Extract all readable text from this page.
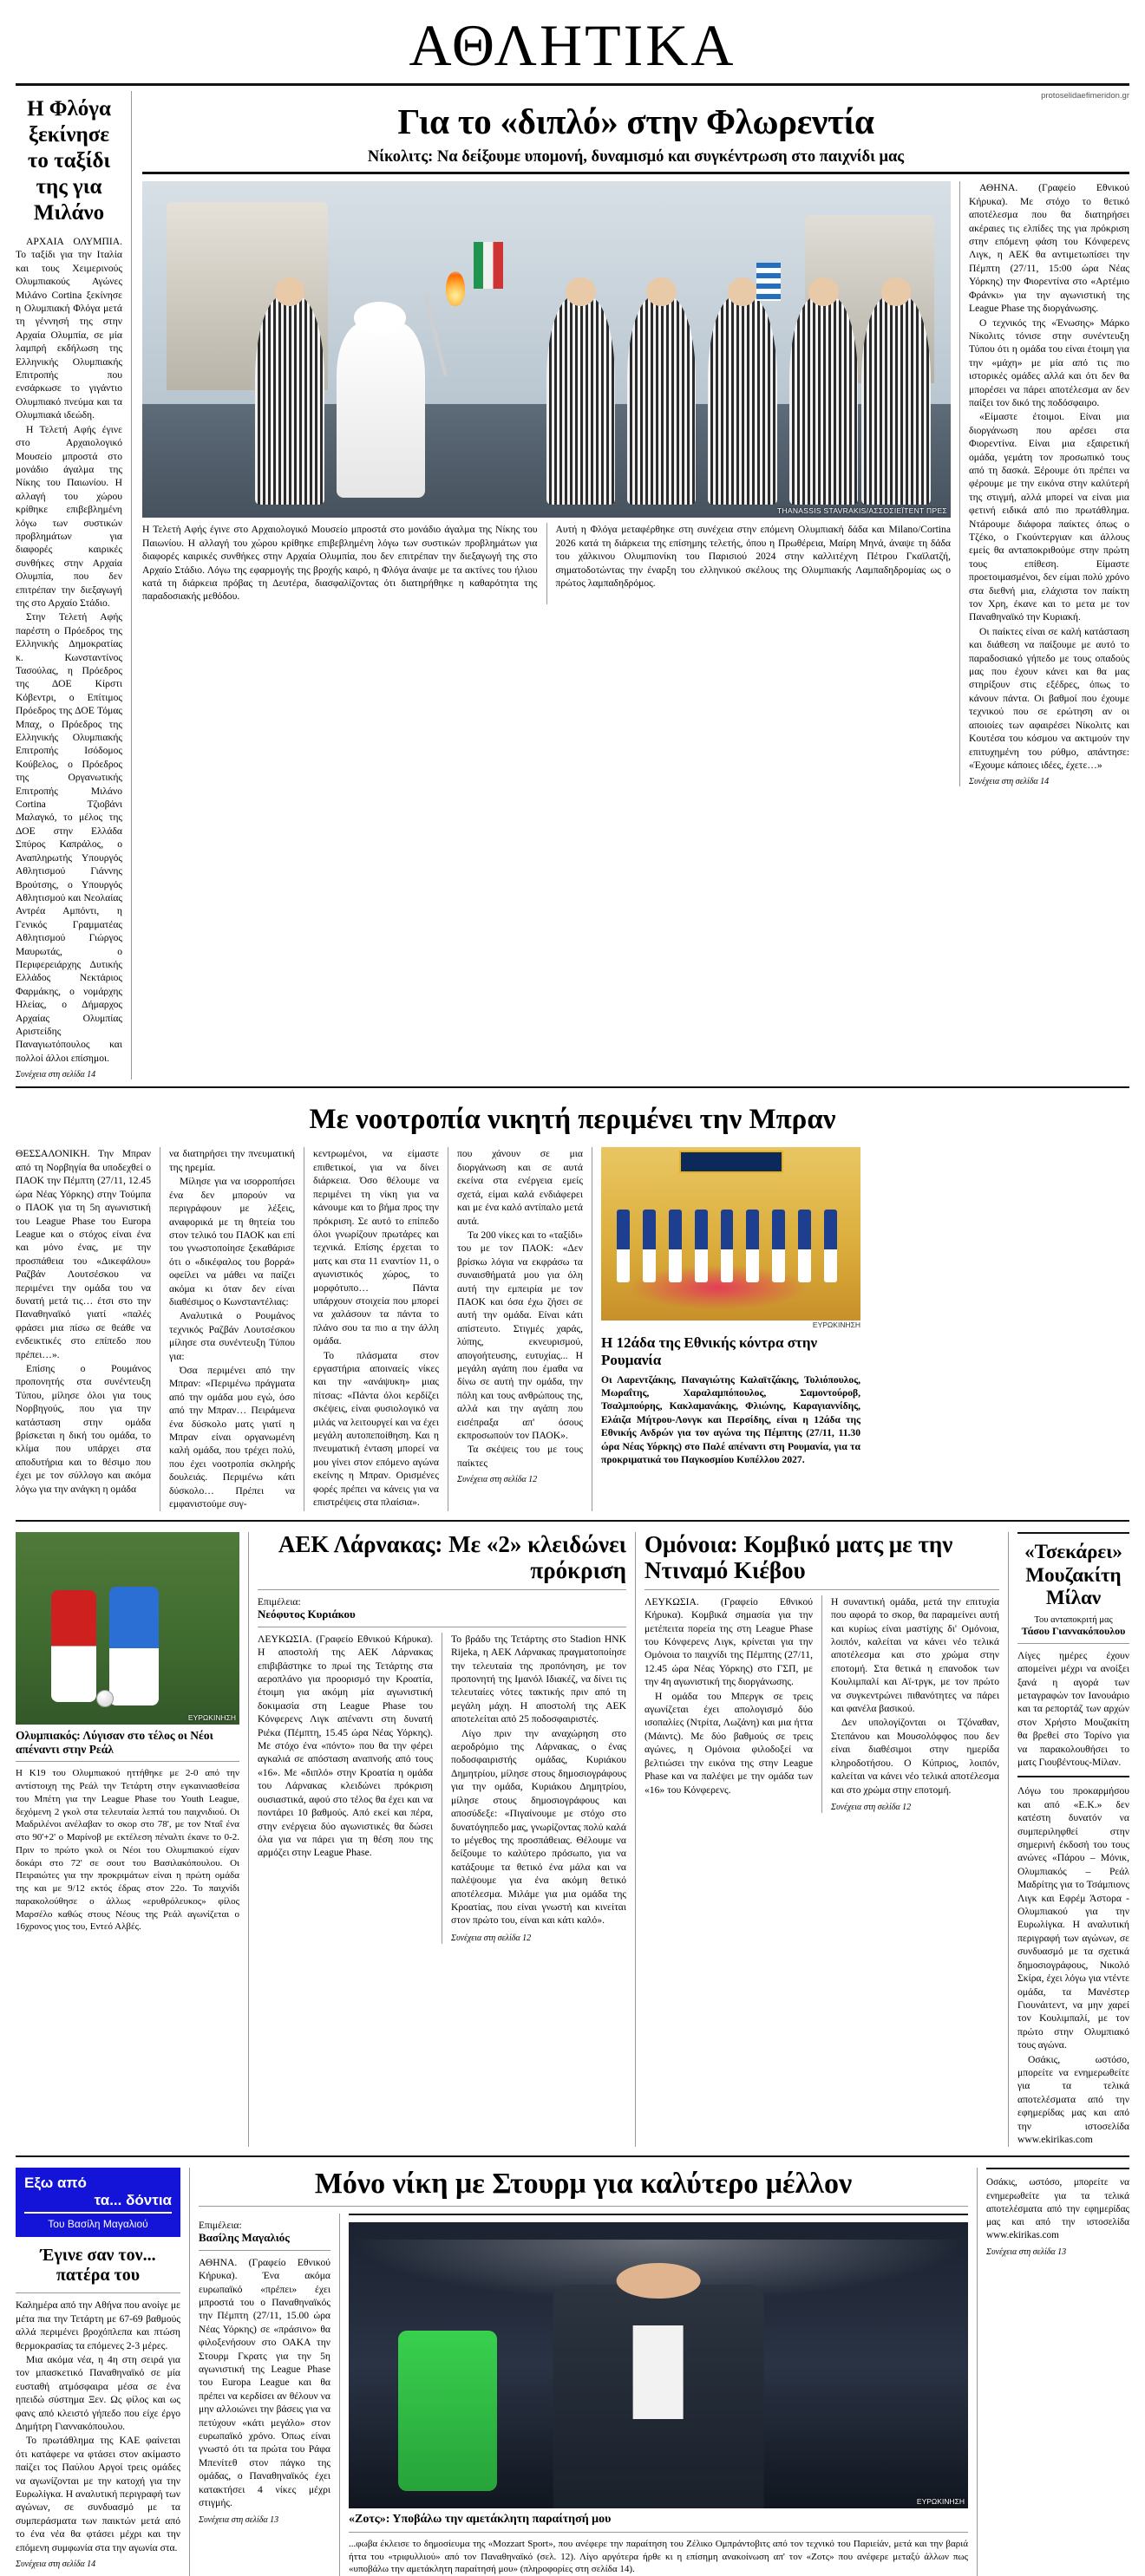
ΑΘΛΗΤΙΚΑ
Η Φλόγα ξεκίνησε το ταξίδι της για Μιλάνο

ΑΡΧΑΙΑ ΟΛΥΜΠΙΑ. Το ταξίδι για την Ιταλία και τους Χειμερινούς Ολυμπιακούς Αγώνες Μιλάνο Cortina ξεκίνησε η Ολυμπιακή Φλόγα μετά τη γέννησή της στην Αρχαία Ολυμπία, σε μία λαμπρή εκδήλωση της Ελληνικής Ολυμπιακής Επιτροπής που ενσάρκωσε το γιγάντιο Ολυμπιακό πνεύμα και τα Ολυμπιακά ιδεώδη.

Η Τελετή Αφής έγινε στο Αρχαιολογικό Μουσείο μπροστά στο μονάδιο άγαλμα της Νίκης του Παιωνίου. Η αλλαγή του χώρου κρίθηκε επιβεβλημένη λόγω των συστικών προβλημάτων για διαφορές καιρικές συνθήκες στην Αρχαία Ολυμπία, που δεν επιτρέπαν την διεξαγωγή της στο Αρχαίο Στάδιο.

Στην Τελετή Αφής παρέστη ο Πρόεδρος της Ελληνικής Δημοκρατίας κ. Κωνσταντίνος Τασούλας, η Πρόεδρος της ΔΟΕ Κίρστι Κόβεντρι, ο Επίτιμος Πρόεδρος της ΔΟΕ Τόμας Μπαχ, ο Πρόεδρος της Ελληνικής Ολυμπιακής Επιτροπής Ισόδομος Κούβελος, ο Πρόεδρος της Οργανωτικής Επιτροπής Μιλάνο Cortina Τζιοβάνι Μαλαγκό, το μέλος της ΔΟΕ στην Ελλάδα Σπύρος Καπράλος, ο Αναπληρωτής Υπουργός Αθλητισμού Γιάννης Βρούτσης, ο Υπουργός Αθλητισμού και Νεολαίας Αντρέα Αμπόντι, η Γενικός Γραμματέας Αθλητισμού Γιώργος Μαυρωτάς, ο Περιφερειάρχης Δυτικής Ελλάδος Νεκτάριος Φαρμάκης, ο νομάρχης Ηλείας, ο Δήμαρχος Αρχαίας Ολυμπίας Αριστείδης Παναγιωτόπουλος και πολλοί άλλοι επίσημοι.

Συνέχεια στη σελίδα 14
protoselidaefimeridon.gr
Για το «διπλό» στην Φλωρεντία
Νίκολιτς: Να δείξουμε υπομονή, δυναμισμό και συγκέντρωση στο παιχνίδι μας
THANASSIS STAVRAKIS/ΑΣΣΟΣΙΕΪΤΕΝΤ ΠΡΕΣ

Η Τελετή Αφής έγινε στο Αρχαιολογικό Μουσείο μπροστά στο μονάδιο άγαλμα της Νίκης του Παιωνίου. Η αλλαγή του χώρου κρίθηκε επιβεβλημένη λόγω των συστικών προβλημάτων για διαφορές καιρικές συνθήκες στην Αρχαία Ολυμπία, που δεν επιτρέπαν την διεξαγωγή της στο Αρχαίο Στάδιο. Λόγω της εφαρμογής της βροχής καιρό, η Φλόγα άναψε με τα ακτίνες του ήλιου κατά τη διάρκεια πρόβας τη Δευτέρα, διασφαλίζοντας ότι διατηρήθηκε η καθαρότητα της παραδοσιακής μεθόδου.

Αυτή η Φλόγα μεταφέρθηκε στη συνέχεια στην επόμενη Ολυμπιακή δάδα και Milano/Cortina 2026 κατά τη διάρκεια της επίσημης τελετής, όπου η Πρωθέρεια, Μαίρη Μηνά, άναψε τη δάδα του χάλκινου Ολυμπιονίκη του Παρισιού 2024 στην καλλιτέχνη Πέτρου Γκαϊλατζή, σηματοδοτώντας την έναρξη του ελληνικού σκέλους της Ολυμπιακής Λαμπαδηδρομίας ως ο πρώτος λαμπαδηδρόμος.

ΑΘΗΝΑ. (Γραφείο Εθνικού Κήρυκα). Με στόχο το θετικό αποτέλεσμα που θα διατηρήσει ακέραιες τις ελπίδες της για πρόκριση στην επόμενη φάση του Κόνφερενς Λιγκ, η ΑΕΚ θα αντιμετωπίσει την Πέμπτη (27/11, 15:00 ώρα Νέας Υόρκης) την Φιορεντίνα στο «Αρτέμιο Φράνκι» για την αγωνιστική της League Phase της διοργάνωσης.

Ο τεχνικός της «Ένωσης» Μάρκο Νίκολιτς τόνισε στην συνέντευξη Τύπου ότι η ομάδα του είναι έτοιμη για την «μάχη» με μία από τις πιο ιστορικές ομάδες αλλά και ότι δεν θα μπορέσει να πάρει αποτέλεσμα αν δεν παίξει τον δικό της ποδόσφαιρο.

«Είμαστε έτοιμοι. Είναι μια διοργάνωση που αρέσει στα Φιορεντίνα. Είναι μια εξαιρετική ομάδα, γεμάτη τον προσωπικό τους από τη δασκά. Ξέρουμε ότι πρέπει να φέρουμε με την εικόνα στην καλύτερή της στιγμή, αλλά μπορεί να είναι μια φετινή ειδικά από πιο πρωτάθλημα. Ντάρουμε διάφορα παίκτες όπως ο Τζέκο, ο Γκούντεργιαν και άλλους εμείς θα ανταποκριθούμε στην πρώτη τους επίθεση. Είμαστε προετοιμασμένοι, δεν είμαι πολύ χρόνο στα διεθνή μια, ελάχιστα τον παίκτη τον Χρη, έκανε και το μετα με τον Παναθηναϊκό την Κυριακή.

Οι παίκτες είναι σε καλή κατάσταση και διάθεση να παίξουμε με αυτό το παραδοσιακό γήπεδο με τους οπαδούς μας που έχουν κάνει και θα μας στηρίξουν στις εξέδρες, όπως το κάνουν πάντα. Οι βαθμοί που έχουμε τεχνικού που σε ερώτηση αν οι αποιοίες των αφαιρέσει Νίκολιτς και Κουτέσα του κόσμου να ακτιμούν την επιτυχημένη του ρύθμο, απάντησε: «Έχουμε κάποιες ιδέες, έχετε…»

Συνέχεια στη σελίδα 14
Με νοοτροπία νικητή περιμένει την Μπραν

ΘΕΣΣΑΛΟΝΙΚΗ. Την Μπραν από τη Νορβηγία θα υποδεχθεί ο ΠΑΟΚ την Πέμπτη (27/11, 12.45 ώρα Νέας Υόρκης) στην Τούμπα ο ΠΑΟΚ για τη 5η αγωνιστική του League Phase του Europa League και ο στόχος είναι ένα και μόνο ένας, με την προσπάθεια του «Δικεφάλου» Ραζβάν Λουτσέσκου να περιμένει την ομάδα του να δυνατή μετά τις… έτσι στο την Παναθηναϊκό γιατί «παλές φράσει μια πίσω σε θεάθε να ενδεικτικές στο επίπεδο που πρέπει…».

Επίσης ο Ρουμάνος προπονητής στα συνέντευξη Τύπου, μίλησε όλοι για τους Νορβηγούς, που για την κατάσταση στην ομάδα βρίσκεται η δική του ομάδα, το κλίμα που υπάρχει στα αποδυτήρια και το θέσιμο που έχει με τον σύλλογο και ακόμα λόγω για την ανάγκη η ομάδα

να διατηρήσει την πνευματική της ηρεμία.

Μίλησε για να ισορροπήσει ένα δεν μπορούν να περιγράφουν με λέξεις, αναφορικά με τη θητεία του στον τελικό του ΠΑΟΚ και επί του γνωστοποίησε ξεκαθάρισε ότι ο «δικέφαλος του βορρά» οφείλει να μάθει να παίζει ακόμα κι όταν δεν είναι διαθέσιμος ο Κωνσταντέλιας:

Αναλυτικά ο Ρουμάνος τεχνικός Ραζβάν Λουτσέσκου μίλησε στα συνέντευξη Τύπου για:

Όσα περιμένει από την Μπραν: «Περιμένω πράγματα από την ομάδα μου εγώ, όσο από την Μπραν… Πειράμενα ένα δύσκολο ματς γιατί η Μπραν είναι οργανωμένη καλή ομάδα, που τρέχει πολύ, που έχει νοοτροπία σκληρής δουλειάς. Περιμένω κάτι δύσκολο… Πρέπει να εμφανιστούμε συγ-

κεντρωμένοι, να είμαστε επιθετικοί, για να δίνει διάρκεια. Όσο θέλουμε να περιμένει τη νίκη για να κάνουμε και το βήμα προς την πρόκριση. Σε αυτό το επίπεδο όλοι γνωρίζουν πρωτάρες και τεχνικά. Επίσης έρχεται το ματς και στα 11 εναντίον 11, ο αγωνιστικός χώρος, το μορφότυπο… Πάντα υπάρχουν στοιχεία που μπορεί να χαλάσουν τα πάντα το πλάνο σου τα πιο α την άλλη ομάδα.

Το πλάσματα στον εργαστήρια αποιναείς νίκες και την «ανάψυκη» μιας πίτσας: «Πάντα όλοι κερδίζει σκέψεις, είναι φυσιολογικό να μιλάς να λειτουργεί και να έχει μεγάλη αυτοπεποίθηση. Και η πνευματική ένταση μπορεί να μου γίνει στον επόμενο αγώνα εκείνης η Μπραν. Ορισμένες φορές πρέπει να κάνεις για να επιστρέψεις στα πλαίσια».

που χάνουν σε μια διοργάνωση και σε αυτά εκείνα στα ενέργεια εμείς σχετά, είμαι καλά ενδιάφερει και με ένα καλό αντίπαλο μετά αυτά.

Τα 200 νίκες και το «ταξίδι» του με τον ΠΑΟΚ: «Δεν βρίσκω λόγια να εκφράσω τα συναισθήματά μου για όλη αυτή την εμπειρία με τον ΠΑΟΚ και όσα έχω ζήσει σε αυτή την ομάδα. Είναι κάτι απίστευτο. Στιγμές χαράς, λύπης, εκνευρισμού, απογοήτευσης, ευτυχίας... Η μεγάλη αγάπη που έμαθα να δίνω σε αυτή την ομάδα, την πόλη και τους ανθρώπους της, αλλά και την αγάπη που εισέπραξα απ' όσους εκπροσωπούν τον ΠΑΟΚ».

Τα σκέψεις του με τους παίκτες

Συνέχεια στη σελίδα 12
ΕΥΡΩΚΙΝΗΣΗ
Η 12άδα της Εθνικής κόντρα στην Ρουμανία
Οι Λαρεντζάκης, Παναγιώτης Καλαϊτζάκης, Τολιόπουλος, Μωραΐτης, Χαραλαμπόπουλος, Σαμοντούροβ, Τσαλμπούρης, Κακλαμανάκης, Φλιώνης, Καραγιαννίδης, Ελάιζα Μήτρου-Λονγκ και Περσίδης, είναι η 12άδα της Εθνικής Ανδρών για τον αγώνα της Πέμπτης (27/11, 11.30 ώρα Νέας Υόρκης) στο Παλέ απέναντι στη Ρουμανία, για τα προκριματικά του Παγκοσμίου Κυπέλλου 2027.
ΕΥΡΩΚΙΝΗΣΗ
Ολυμπιακός: Λύγισαν στο τέλος οι Νέοι απέναντι στην Ρεάλ
Η Κ19 του Ολυμπιακού ηττήθηκε με 2-0 από την αντίστοιχη της Ρεάλ την Τετάρτη στην εγκαινιασθείσα του Μπέτη για την League Phase του Youth League, δεχόμενη 2 γκολ στα τελευταία λεπτά του παιχνιδιού. Οι Μαδριλένοι ανέλαβαν το σκορ στο 78', με τον Νταΐ ένα στο 90'+2' ο Μαρίνοβ με εκτέλεση πέναλτι έκανε το 0-2. Πριν το πρώτο γκολ οι Νέοι του Ολυμπιακού είχαν δοκάρι στο 72' σε σουτ του Βασιλακόπουλου. Οι Πειραιώτες για την προκριμάτων είναι η πρώτη ομάδα της και με 9/12 εκτός έδρας στον 22ο. Το παιχνίδι παρακολούθησε ο άλλως «ερυθρόλευκος» φίλος Μαρσέλο καθώς στους Νέους της Ρεάλ αγωνίζεται ο 16χρονος γιος του, Εντεό Αλβές.
ΑΕΚ Λάρνακας: Με «2» κλειδώνει πρόκριση
Επιμέλεια:
Νεόφυτος Κυριάκου

ΛΕΥΚΩΣΙΑ. (Γραφείο Εθνικού Κήρυκα). Η αποστολή της ΑΕΚ Λάρνακας επιβιβάστηκε το πρωί της Τετάρτης στα αεροπλάνο για προορισμό την Κροατία, έτοιμη για ακόμη μία αγωνιστική δοκιμασία στη League Phase του Κόνφερενς Λιγκ απέναντι στη δυνατή Ριέκα (Πέμπτη, 15.45 ώρα Νέας Υόρκης). Με στόχο ένα «πόντο» που θα την φέρει αγκαλιά σε απόσταση αναπνοής από τους «16». Με «διπλό» στην Κροατία η ομάδα του Λάρνακας κλειδώνει πρόκριση ουσιαστικά, αφού στο τέλος θα έχει και να ποντάρει 10 βαθμούς. Από εκεί και πέρα, στην ενέργεια δύο αγωνιστικές θα δώσει όλα για να πάρει για τη θέση που της αρμόζει στην League Phase.

Το βράδυ της Τετάρτης στο Stadion HNK Rijeka, η ΑΕΚ Λάρνακας πραγματοποίησε την τελευταία της προπόνηση, με τον προπονητή της Ιμανόλ Ιδιακέζ, να δίνει τις τελευταίες νότες τακτικής πριν από τη μεγάλη μάχη. Η αποστολή της ΑΕΚ αποτελείται από 25 ποδοσφαιριστές.

Λίγο πριν την αναχώρηση στο αεροδρόμιο της Λάρνακας, ο ένας ποδοσφαιριστής ομάδας, Κυριάκου Δημητρίου, μίλησε στους δημοσιογράφους για την ομάδα, Κυριάκου Δημητρίου, μίλησε στους δημοσιογράφους και αποσύδεξε: «Πιγαίνουμε με στόχο στο δυνατόγηπεδο μας, γνωρίζοντας πολύ καλά το μέγεθος της προσπάθειας. Θέλουμε να δείξουμε το καλύτερο πρόσωπο, για να κατάξουμε τα θετικό ένα μάλα και να παλέψουμε για ένα ακόμη θετικό αποτέλεσμα. Μιλάμε για μια ομάδα της Κροατίας, που είναι γνωστή και κινείται στον πρώτο του, είναι και κάτι καλό».

Συνέχεια στη σελίδα 12
Ομόνοια: Κομβικό ματς με την Ντιναμό Κιέβου

ΛΕΥΚΩΣΙΑ. (Γραφείο Εθνικού Κήρυκα). Κομβικά σημασία για την μετέπειτα πορεία της στη League Phase του Κόνφερενς Λιγκ, κρίνεται για την Ομόνοια το παιχνίδι της Πέμπτης (27/11, 12.45 ώρα Νέας Υόρκης) στο ΓΣΠ, με την 4η αγωνιστική της διοργάνωσης.

Η ομάδα του Μπεργκ σε τρεις αγωνίζεται έχει απολογισμό δύο ισοπαλίες (Ντρίτα, Λωζάνη) και μια ήττα (Μάιντς). Με δύο βαθμούς σε τρεις αγώνες, η Ομόνοια φιλοδοξεί να βελτιώσει την εικόνα της στην League Phase και να παλέψει με την ομάδα των «16» του Κόνφερενς.

Η συναντική ομάδα, μετά την επιτυχία που αφορά το σκορ, θα παραμείνει αυτή και κυρίως είναι μαστίχης δι' Ομόνοια, λοιπόν, καλείται να κάνει νέο τελικά αποτέλεσμα και στο χρώμα στην εποτομή. Στα θετικά η επανοδοκ των Κουλιμπαλί και Αϊ-τργκ, με τον πρώτο να συγκεντρώνει πιθανότητες να πάρει και φανέλα βασικού.

Δεν υπολογίζονται οι Τζόναθαν, Στεπάνου και Μουσολόφφος που δεν είναι διαθέσιμοι στην ημερίδα κληροδοτήσου. Ο Κύπριος, λοιπόν, καλείται να κάνει νέο τελικά αποτέλεσμα και στο χρώμα στην εποτομή.

Συνέχεια στη σελίδα 12
«Τσεκάρει» Μουζακίτη Μίλαν
Του ανταποκριτή μας
Τάσου Γιαννακόπουλου

Λίγες ημέρες έχουν απομείνει μέχρι να ανοίξει ξανά η αγορά των μεταγραφών τον Ιανουάριο και τα ρεπορτάζ των αρχών στον Χρήστο Μουζακίτη θα βρεθεί στο Τορίνο για να παρακολουθήσει το ματς Γιουβέντους-Μίλαν.

Λόγω του προκαρμήσου και από «Ε.Κ.» δεν κατέστη δυνατόν να συμπεριληφθεί στην σημερινή έκδοσή του τους ανώνες «Πάρου – Μόνικ, Ολυμπιακός – Ρεάλ Μαδρίτης για το Τσάμπιονς Λιγκ και Εφρέμ Άστορα - Ολυμπιακού για την Ευρωλίγκα. Η αναλυτική περιγραφή των αγώνων, σε συνδυασμό με τα σχετικά δημοσιογράφους, Νικολό Σκίρα, έχει λόγω για ντέντε ομάδα, τα Μανέστερ Γιουνάιτεντ, να μην χαρεί τον Κουλιμπαλί, με τον πρώτο στην Ολυμπιακό τους αγώνα.

Οσάκις, ωστόσο, μπορείτε να ενημερωθείτε για τα τελικά αποτελέσματα από την εφημερίδας μας και από την ιστοσελίδα www.ekirikas.com

Εξω από
τα... δόντια
Του Βασίλη Μαγαλιού
Έγινε σαν τον... πατέρα του

Καλημέρα από την Αθήνα που ανοίγε με μέτα πια την Τετάρτη με 67-69 βαθμούς αλλά περιμένει βροχόπλεπα και πτώση θερμοκρασίας τα επόμενες 2-3 μέρες.

Μια ακόμα νέα, η 4η στη σειρά για τον μπασκετικό Παναθηναϊκό σε μία ευσταθή ατμόσφαιρα μέσα σε ένα ηπειδώ σύστημα Ξεν. Ως φίλος και ως φανς από κλειστό γήπεδο που είχε έργο Δημήτρη Γιαννακόπουλου.

Το πρωτάθλημα της ΚΑΕ φαίνεται ότι κατάφερε να φτάσει στον ακίμαστο παίζει τος Παύλου Αργοί τρεις ομάδες να αγωνίζονται με την κατοχή για την Ευρωλίγκα. Η αναλυτική περιγραφή των αγώνων, σε συνδυασμό με τα συμπεράσματα των παικτών μετά από το ένα νέα θα φτάσει μέχρι και την επόμενη συμφωνία στα την αγωνία στα.

Συνέχεια στη σελίδα 14
Μόνο νίκη με Στουρμ για καλύτερο μέλλον
Επιμέλεια:
Βασίλης Μαγαλιός

ΑΘΗΝΑ. (Γραφείο Εθνικού Κήρυκα). Ένα ακόμα ευρωπαϊκό «πρέπει» έχει μπροστά του ο Παναθηναϊκός την Πέμπτη (27/11, 15.00 ώρα Νέας Υόρκης) σε «πράσινο» θα φιλοξενήσουν στο ΟΑΚΑ την Στουρμ Γκρατς για την 5η αγωνιστική της League Phase του Europa League και θα πρέπει να κερδίσει αν θέλουν να μην αλλοιώνει την βάσεις για να πετύχουν «κάτι μεγάλο» στον ευρωπαϊκό χρόνο. Όπως είναι γνωστό ότι τα πρώτα του Ράφα Μπενίτεθ στον πάγκο της ομάδας, ο Παναθηναϊκός έχει κατακτήσει 4 νίκες μέχρι στιγμής.

Συνέχεια στη σελίδα 13
ΕΥΡΩΚΙΝΗΣΗ
«Ζοτς»: Υποβάλω την αμετάκλητη παραίτησή μου
...φωβα έκλεισε το δημοσίευμα της «Mozzart Sport», που ανέφερε την παραίτηση του Ζέλικο Ομπράντοβιτς από τον τεχνικό του Παριείάν, μετά και την βαριά ήττα του «τριφυλλιού» από τον Παναθηναϊκό (σελ. 12). Λίγο αργότερα ήρθε κι η επίσημη ανακοίνωση απ' τον «Ζοτς» που ανέφερε μεταξύ άλλων πως «υποβάλω την αμετάκλητη παραίτησή μου» (πληροφορίες στη σελίδα 14).
Οσάκις, ωστόσο, μπορείτε να ενημερωθείτε για τα τελικά αποτελέσματα από την εφημερίδας μας και από την ιστοσελίδα www.ekirikas.com
Συνέχεια στη σελίδα 13
